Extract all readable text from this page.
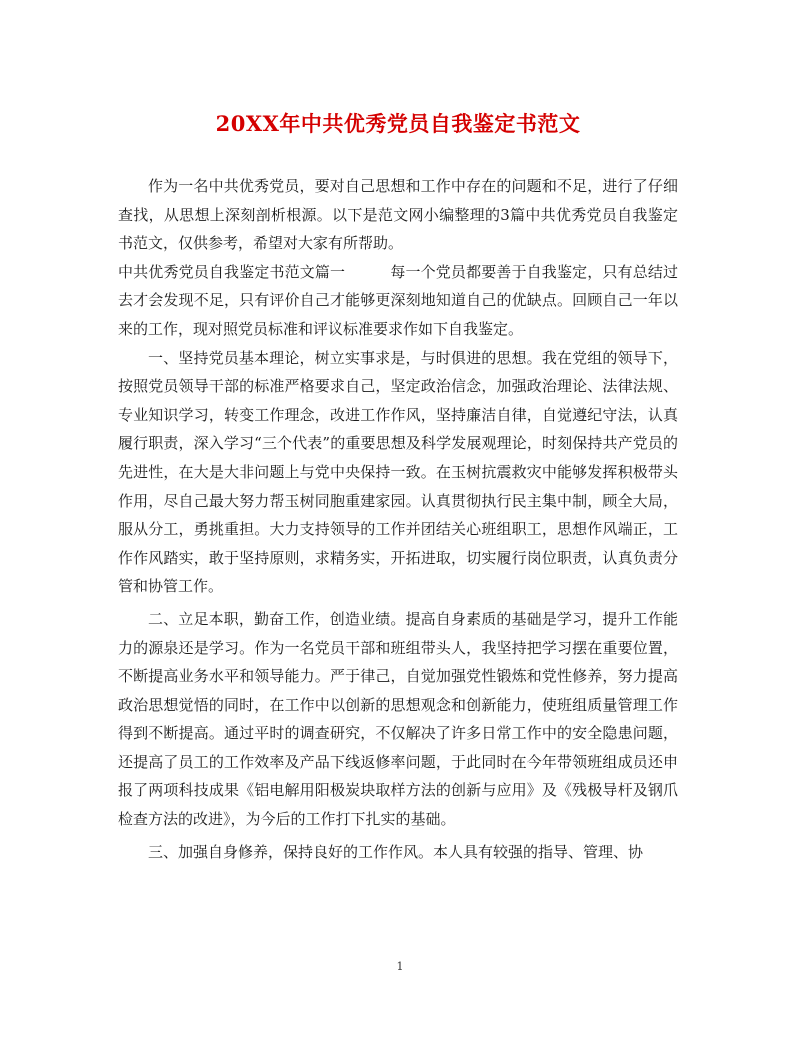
20XX年中共优秀党员自我鉴定书范文

作为一名中共优秀党员，要对自己思想和工作中存在的问题和不足，进行了仔细查找，从思想上深刻剖析根源。以下是范文网小编整理的3篇中共优秀党员自我鉴定书范文，仅供参考，希望对大家有所帮助。

中共优秀党员自我鉴定书范文篇一	每一个党员都要善于自我鉴定，只有总结过去才会发现不足，只有评价自己才能够更深刻地知道自己的优缺点。回顾自己一年以来的工作，现对照党员标准和评议标准要求作如下自我鉴定。

一、坚持党员基本理论，树立实事求是，与时俱进的思想。我在党组的领导下，按照党员领导干部的标准严格要求自己，坚定政治信念，加强政治理论、法律法规、专业知识学习，转变工作理念，改进工作作风，坚持廉洁自律，自觉遵纪守法，认真履行职责，深入学习“三个代表”的重要思想及科学发展观理论，时刻保持共产党员的先进性，在大是大非问题上与党中央保持一致。在玉树抗震救灾中能够发挥积极带头作用，尽自己最大努力帮玉树同胞重建家园。认真贯彻执行民主集中制，顾全大局，服从分工，勇挑重担。大力支持领导的工作并团结关心班组职工，思想作风端正，工作作风踏实，敢于坚持原则，求精务实，开拓进取，切实履行岗位职责，认真负责分管和协管工作。

二、立足本职，勤奋工作，创造业绩。提高自身素质的基础是学习，提升工作能力的源泉还是学习。作为一名党员干部和班组带头人，我坚持把学习摆在重要位置，不断提高业务水平和领导能力。严于律己，自觉加强党性锻炼和党性修养，努力提高政治思想觉悟的同时，在工作中以创新的思想观念和创新能力，使班组质量管理工作得到不断提高。通过平时的调查研究，不仅解决了许多日常工作中的安全隐患问题，还提高了员工的工作效率及产品下线返修率问题，于此同时在今年带领班组成员还申报了两项科技成果《铝电解用阳极炭块取样方法的创新与应用》及《残极导杆及钢爪检查方法的改进》，为今后的工作打下扎实的基础。

三、加强自身修养，保持良好的工作作风。本人具有较强的指导、管理、协

1
